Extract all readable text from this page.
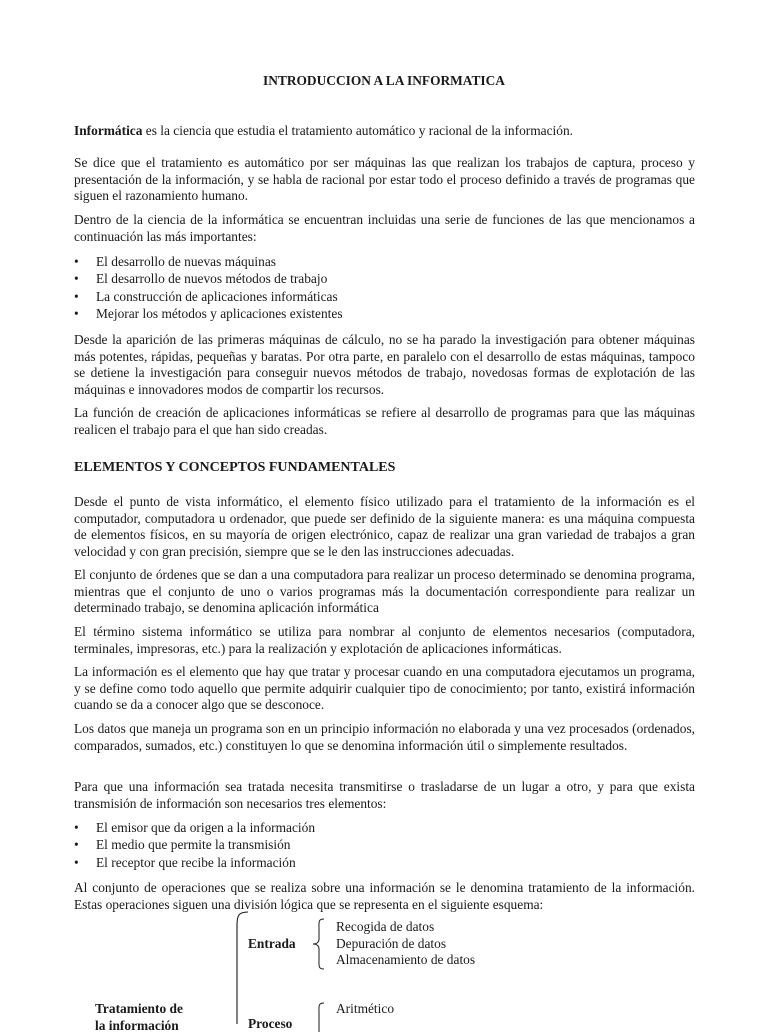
INTRODUCCION A LA INFORMATICA

Informática es la ciencia que estudia el tratamiento automático y racional de la información.

Se dice que el tratamiento es automático por ser máquinas las que realizan los trabajos de captura, proceso y presentación de la información, y se habla de racional por estar todo el proceso definido a través de programas que siguen el razonamiento humano.

Dentro de la ciencia de la informática se encuentran incluidas una serie de funciones de las que mencionamos a continuación las más importantes:

• El desarrollo de nuevas máquinas
• El desarrollo de nuevos métodos de trabajo
• La construcción de aplicaciones informáticas
• Mejorar los métodos y aplicaciones existentes

Desde la aparición de las primeras máquinas de cálculo, no se ha parado la investigación para obtener máquinas más potentes, rápidas, pequeñas y baratas. Por otra parte, en paralelo con el desarrollo de estas máquinas, tampoco se detiene la investigación para conseguir nuevos métodos de trabajo, novedosas formas de explotación de las máquinas e innovadores modos de compartir los recursos.

La función de creación de aplicaciones informáticas se refiere al desarrollo de programas para que las máquinas realicen el trabajo para el que han sido creadas.

ELEMENTOS Y CONCEPTOS FUNDAMENTALES

Desde el punto de vista informático, el elemento físico utilizado para el tratamiento de la información es el computador, computadora u ordenador, que puede ser definido de la siguiente manera: es una máquina compuesta de elementos físicos, en su mayoría de origen electrónico, capaz de realizar una gran variedad de trabajos a gran velocidad y con gran precisión, siempre que se le den las instrucciones adecuadas.

El conjunto de órdenes que se dan a una computadora para realizar un proceso determinado se denomina programa, mientras que el conjunto de uno o varios programas más la documentación correspondiente para realizar un determinado trabajo, se denomina aplicación informática

El término sistema informático se utiliza para nombrar al conjunto de elementos necesarios (computadora, terminales, impresoras, etc.) para la realización y explotación de aplicaciones informáticas.

La información es el elemento que hay que tratar y procesar cuando en una computadora ejecutamos un programa, y se define como todo aquello que permite adquirir cualquier tipo de conocimiento; por tanto, existirá información cuando se da a conocer algo que se desconoce.

Los datos que maneja un programa son en un principio información no elaborada y una vez procesados (ordenados, comparados, sumados, etc.) constituyen lo que se denomina información útil o simplemente resultados.

Para que una información sea tratada necesita transmitirse o trasladarse de un lugar a otro, y para que exista transmisión de información son necesarios tres elementos:

• El emisor que da origen a la información
• El medio que permite la transmisión
• El receptor que recibe la información

Al conjunto de operaciones que se realiza sobre una información se le denomina tratamiento de la información. Estas operaciones siguen una división lógica que se representa en el siguiente esquema:

Tratamiento de
la información
Entrada
Recogida de datos
Depuración de datos
Almacenamiento de datos
Proceso
Aritmético
